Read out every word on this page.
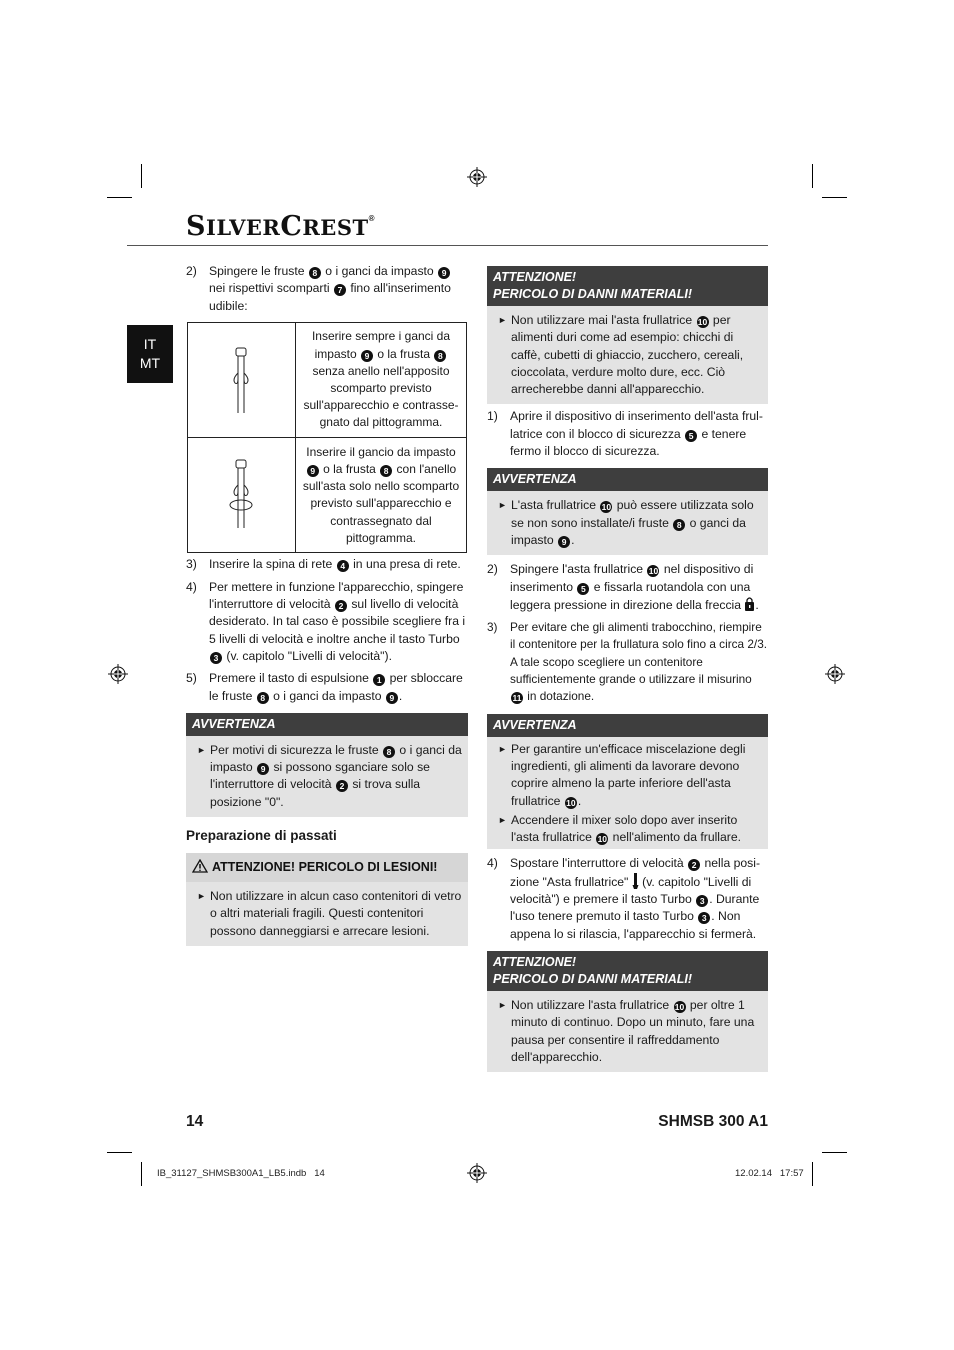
SILVERCREST®
IT
MT

2) Spingere le fruste 8 o i ganci da impasto 9 nei rispettivi scomparti 7 fino all'inserimento udibile:

	Inserire sempre i ganci da impasto 9 o la frusta 8 senza anello nell'apposito scomparto previsto sull'apparecchio e contrasse-gnato dal pittogramma.
	Inserire il gancio da impasto 9 o la frusta 8 con l'anello sull'asta solo nello scomparto previsto sull'apparecchio e contrassegnato dal pittogramma.

3) Inserire la spina di rete 4 in una presa di rete.

4) Per mettere in funzione l'apparecchio, spingere l'interruttore di velocità 2 sul livello di velocità desiderato. In tal caso è possibile scegliere fra i 5 livelli di velocità e inoltre anche il tasto Turbo 3 (v. capitolo "Livelli di velocità").

5) Premere il tasto di espulsione 1 per sbloccare le fruste 8 o i ganci da impasto 9 .

AVVERTENZA
► Per motivi di sicurezza le fruste 8 o i ganci da impasto 9 si possono sganciare solo se l'interruttore di velocità 2 si trova sulla posizione "0".
Preparazione di passati
ATTENZIONE! PERICOLO DI LESIONI!
► Non utilizzare in alcun caso contenitori di vetro o altri materiali fragili. Questi contenitori possono danneggiarsi e arrecare lesioni.
ATTENZIONE!
PERICOLO DI DANNI MATERIALI!
► Non utilizzare mai l'asta frullatrice 10 per alimenti duri come ad esempio: chicchi di caffè, cubetti di ghiaccio, zucchero, cereali, cioccolata, verdure molto dure, ecc. Ciò arrecherebbe danni all'apparecchio.

1) Aprire il dispositivo di inserimento dell'asta frul-latrice con il blocco di sicurezza 5 e tenere fermo il blocco di sicurezza.

AVVERTENZA
► L'asta frullatrice 10 può essere utilizzata solo se non sono installate/i fruste 8 o ganci da impasto 9 .

2) Spingere l'asta frullatrice 10 nel dispositivo di inserimento 5 e fissarla ruotandola con una leggera pressione in direzione della freccia .

3) Per evitare che gli alimenti trabocchino, riempire il contenitore per la frullatura solo fino a circa 2/3. A tale scopo scegliere un contenitore sufficientemente grande o utilizzare il misurino 11 in dotazione.

AVVERTENZA
► Per garantire un'efficace miscelazione degli ingredienti, gli alimenti da lavorare devono coprire almeno la parte inferiore dell'asta frullatrice 10 .
► Accendere il mixer solo dopo aver inserito l'asta frullatrice 10 nell'alimento da frullare.

4) Spostare l'interruttore di velocità 2 nella posi-zione "Asta frullatrice"  (v. capitolo "Livelli di velocità") e premere il tasto Turbo 3 . Durante l'uso tenere premuto il tasto Turbo 3 . Non appena lo si rilascia, l'apparecchio si fermerà.

ATTENZIONE!
PERICOLO DI DANNI MATERIALI!
► Non utilizzare l'asta frullatrice 10 per oltre 1 minuto di continuo. Dopo un minuto, fare una pausa per consentire il raffreddamento dell'apparecchio.
14	SHMSB 300 A1
IB_31127_SHMSB300A1_LB5.indb   14	12.02.14   17:57
